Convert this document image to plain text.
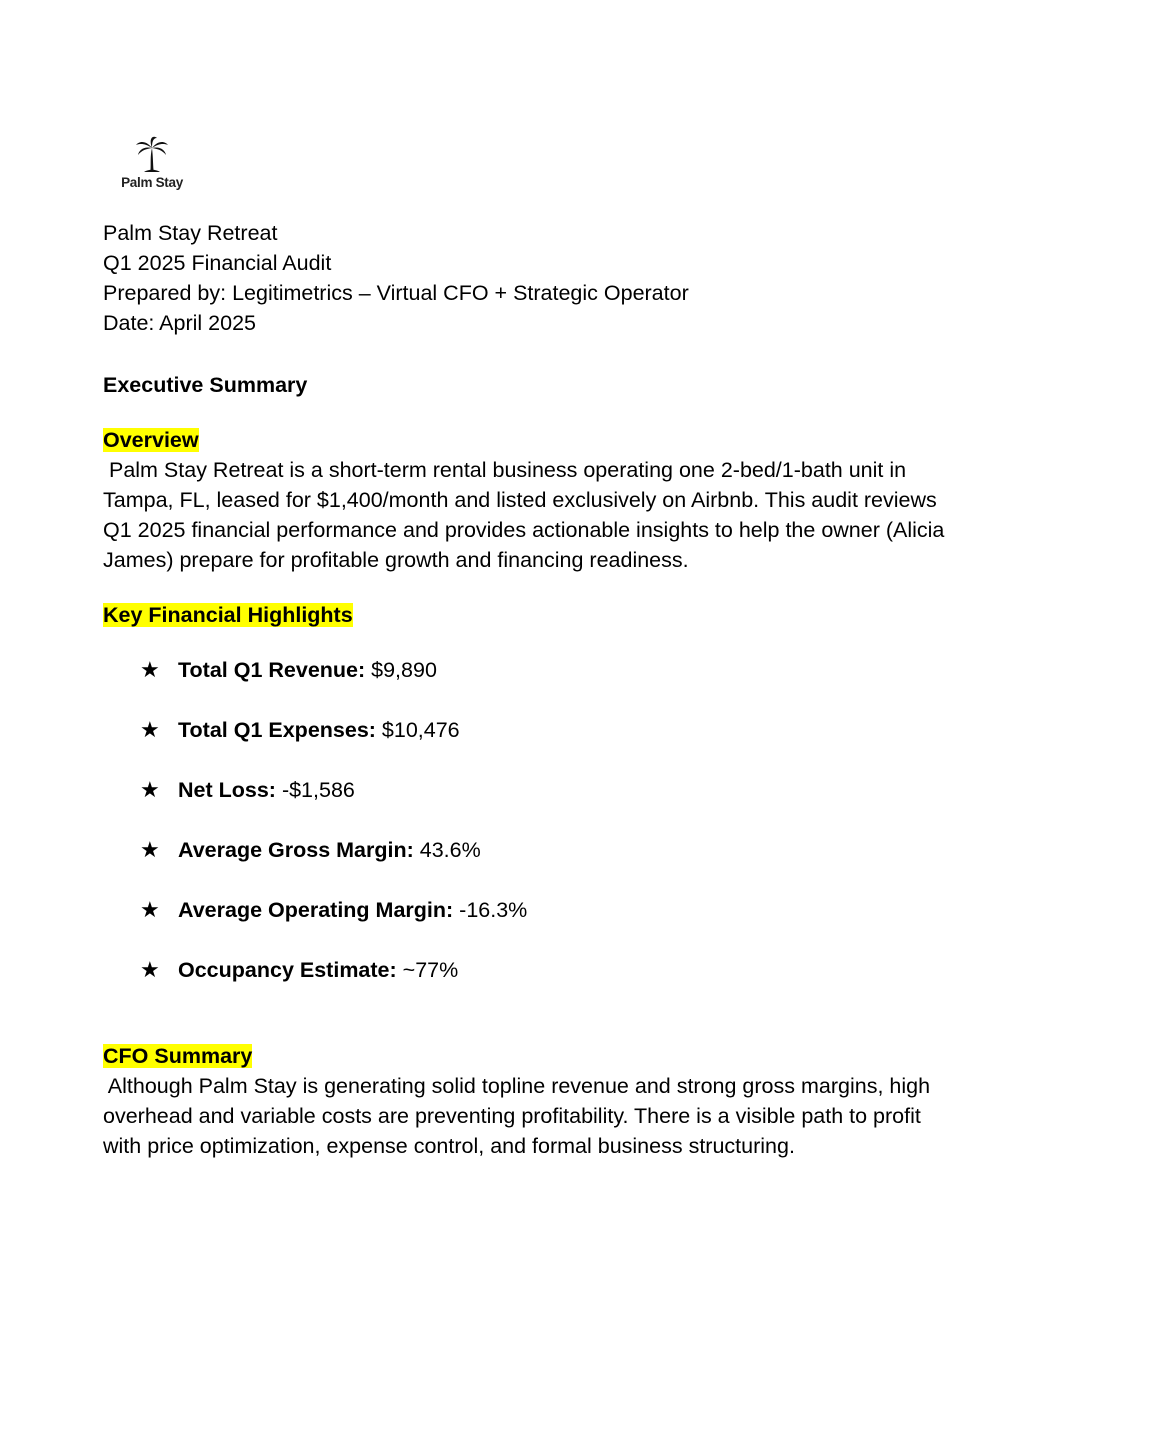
Palm Stay

Palm Stay Retreat

Q1 2025 Financial Audit

Prepared by: Legitimetrics – Virtual CFO + Strategic Operator

Date: April 2025

Executive Summary

Overview

Palm Stay Retreat is a short-term rental business operating one 2-bed/1-bath unit in

Tampa, FL, leased for $1,400/month and listed exclusively on Airbnb. This audit reviews

Q1 2025 financial performance and provides actionable insights to help the owner (Alicia

James) prepare for profitable growth and financing readiness.

Key Financial Highlights
★ Total Q1 Revenue: $9,890
★ Total Q1 Expenses: $10,476
★ Net Loss: -$1,586
★ Average Gross Margin: 43.6%
★ Average Operating Margin: -16.3%
★ Occupancy Estimate: ~77%

CFO Summary

Although Palm Stay is generating solid topline revenue and strong gross margins, high

overhead and variable costs are preventing profitability. There is a visible path to profit

with price optimization, expense control, and formal business structuring.
